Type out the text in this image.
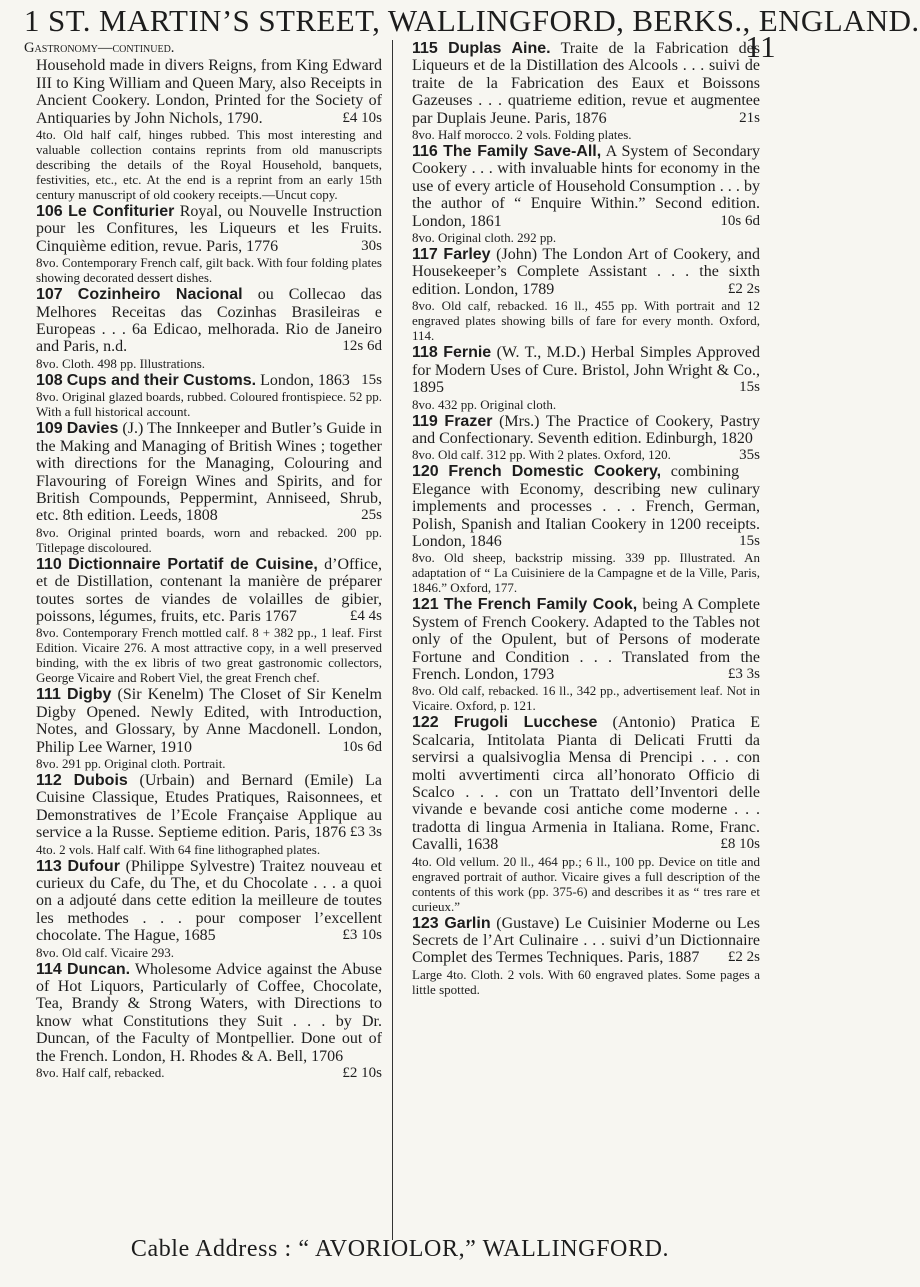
1 ST. MARTIN’S STREET, WALLINGFORD, BERKS., ENGLAND.
11
Gastronomy—continued.

Household made in divers Reigns, from King Edward III to King William and Queen Mary, also Receipts in Ancient Cookery. London, Printed for the Society of Antiquaries by John Nichols, 1790.	£4 10s

4to. Old half calf, hinges rubbed. This most interesting and valuable collection contains reprints from old manuscripts describing the details of the Royal Household, banquets, festivities, etc., etc. At the end is a reprint from an early 15th century manuscript of old cookery receipts.—Uncut copy.

106 Le Confiturier Royal, ou Nouvelle Instruction pour les Confitures, les Liqueurs et les Fruits. Cinquième edition, revue. Paris, 1776	30s

8vo. Contemporary French calf, gilt back. With four folding plates showing decorated dessert dishes.

107 Cozinheiro Nacional ou Collecao das Melhores Receitas das Cozinhas Brasileiras e Europeas . . . 6a Edicao, melhorada. Rio de Janeiro and Paris, n.d.	12s 6d

8vo. Cloth. 498 pp. Illustrations.

108 Cups and their Customs. London, 1863 15s

8vo. Original glazed boards, rubbed. Coloured frontispiece. 52 pp. With a full historical account.

109 Davies (J.) The Innkeeper and Butler’s Guide in the Making and Managing of British Wines ; together with directions for the Managing, Colouring and Flavouring of Foreign Wines and Spirits, and for British Compounds, Peppermint, Anniseed, Shrub, etc. 8th edition. Leeds, 1808	25s

8vo. Original printed boards, worn and rebacked. 200 pp. Titlepage discoloured.

110 Dictionnaire Portatif de Cuisine, d’Office, et de Distillation, contenant la manière de préparer toutes sortes de viandes de volailles de gibier, poissons, légumes, fruits, etc. Paris 1767	£4 4s

8vo. Contemporary French mottled calf. 8 + 382 pp., 1 leaf. First Edition. Vicaire 276. A most attractive copy, in a well preserved binding, with the ex libris of two great gastronomic collectors, George Vicaire and Robert Viel, the great French chef.

111 Digby (Sir Kenelm) The Closet of Sir Kenelm Digby Opened. Newly Edited, with Introduction, Notes, and Glossary, by Anne Macdonell. London, Philip Lee Warner, 1910	10s 6d

8vo. 291 pp. Original cloth. Portrait.

112 Dubois (Urbain) and Bernard (Emile) La Cuisine Classique, Etudes Pratiques, Raisonnees, et Demonstratives de l’Ecole Française Applique au service a la Russe. Septieme edition. Paris, 1876 £3 3s

4to. 2 vols. Half calf. With 64 fine lithographed plates.

113 Dufour (Philippe Sylvestre) Traitez nouveau et curieux du Cafe, du The, et du Chocolate . . . a quoi on a adjouté dans cette edition la meilleure de toutes les methodes . . . pour composer l’excellent chocolate. The Hague, 1685	£3 10s

8vo. Old calf. Vicaire 293.

114 Duncan. Wholesome Advice against the Abuse of Hot Liquors, Particularly of Coffee, Chocolate, Tea, Brandy & Strong Waters, with Directions to know what Constitutions they Suit . . . by Dr. Duncan, of the Faculty of Montpellier. Done out of the French. London, H. Rhodes & A. Bell, 1706
£2 10s

8vo. Half calf, rebacked.

115 Duplas Aine. Traite de la Fabrication des Liqueurs et de la Distillation des Alcools . . . suivi de traite de la Fabrication des Eaux et Boissons Gazeuses . . . quatrieme edition, revue et augmentee par Duplais Jeune. Paris, 1876	21s

8vo. Half morocco. 2 vols. Folding plates.

116 The Family Save-All, A System of Secondary Cookery . . . with invaluable hints for economy in the use of every article of Household Consumption . . . by the author of “ Enquire Within.” Second edition. London, 1861	10s 6d

8vo. Original cloth. 292 pp.

117 Farley (John) The London Art of Cookery, and Housekeeper’s Complete Assistant . . . the sixth edition. London, 1789	£2 2s

8vo. Old calf, rebacked. 16 ll., 455 pp. With portrait and 12 engraved plates showing bills of fare for every month. Oxford, 114.

118 Fernie (W. T., M.D.) Herbal Simples Approved for Modern Uses of Cure. Bristol, John Wright & Co., 1895	15s

8vo. 432 pp. Original cloth.

119 Frazer (Mrs.) The Practice of Cookery, Pastry and Confectionary. Seventh edition. Edinburgh, 1820
35s

8vo. Old calf. 312 pp. With 2 plates. Oxford, 120.

120 French Domestic Cookery, combining Elegance with Economy, describing new culinary implements and processes . . . French, German, Polish, Spanish and Italian Cookery in 1200 receipts. London, 1846	15s

8vo. Old sheep, backstrip missing. 339 pp. Illustrated. An adaptation of “ La Cuisiniere de la Campagne et de la Ville, Paris, 1846.” Oxford, 177.

121 The French Family Cook, being A Complete System of French Cookery. Adapted to the Tables not only of the Opulent, but of Persons of moderate Fortune and Condition . . . Translated from the French. London, 1793	£3 3s

8vo. Old calf, rebacked. 16 ll., 342 pp., advertisement leaf. Not in Vicaire. Oxford, p. 121.

122 Frugoli Lucchese (Antonio) Pratica E Scalcaria, Intitolata Pianta di Delicati Frutti da servirsi a qualsivoglia Mensa di Prencipi . . . con molti avvertimenti circa all’honorato Officio di Scalco . . . con un Trattato dell’Inventori delle vivande e bevande cosi antiche come moderne . . . tradotta di lingua Armenia in Italiana. Rome, Franc. Cavalli, 1638	£8 10s

4to. Old vellum. 20 ll., 464 pp.; 6 ll., 100 pp. Device on title and engraved portrait of author. Vicaire gives a full description of the contents of this work (pp. 375-6) and describes it as “ tres rare et curieux.”

123 Garlin (Gustave) Le Cuisinier Moderne ou Les Secrets de l’Art Culinaire . . . suivi d’un Dictionnaire Complet des Termes Techniques. Paris, 1887 £2 2s

Large 4to. Cloth. 2 vols. With 60 engraved plates. Some pages a little spotted.

Cable Address : “ AVORIOLOR,” WALLINGFORD.
